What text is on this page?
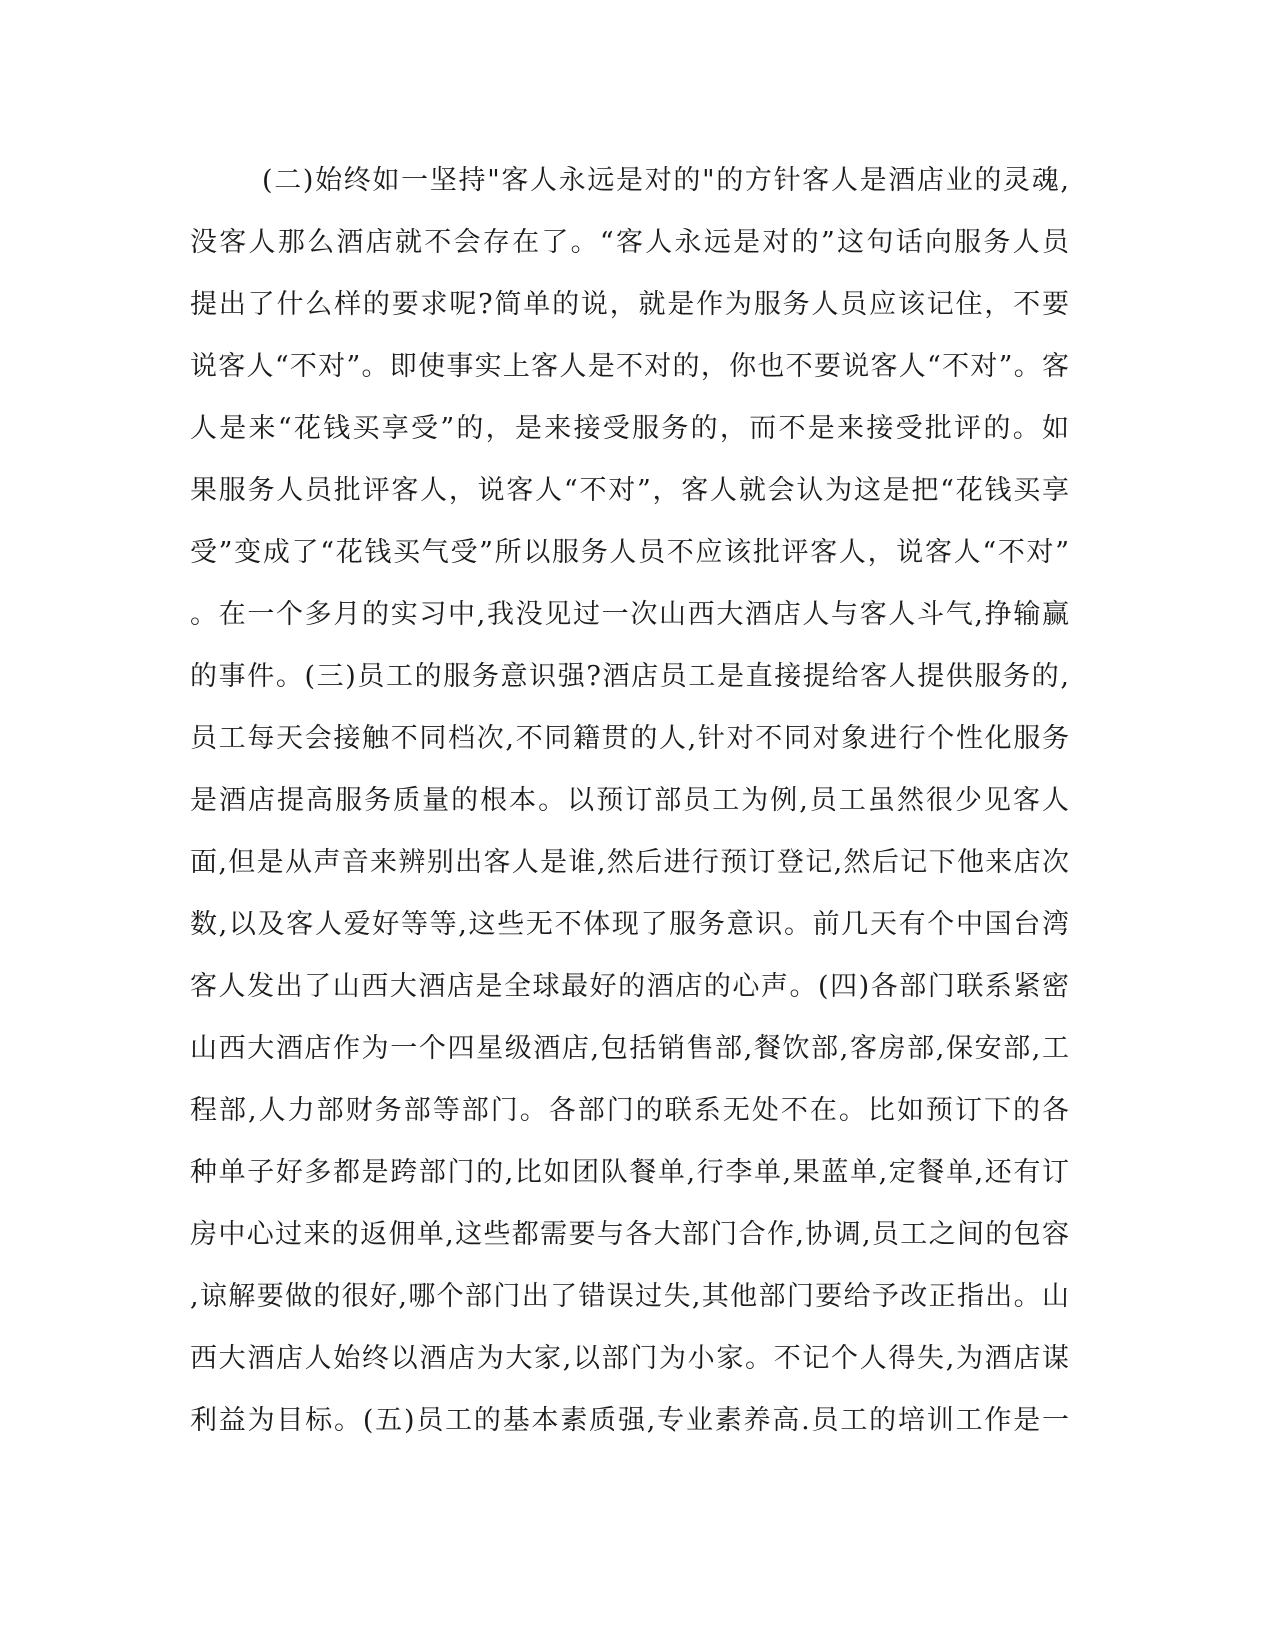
(二)始终如一坚持"客人永远是对的"的方针客人是酒店业的灵魂,
没客人那么酒店就不会存在了。“客人永远是对的”这句话向服务人员
提出了什么样的要求呢?简单的说，就是作为服务人员应该记住，不要
说客人“不对”。即使事实上客人是不对的，你也不要说客人“不对”。客
人是来“花钱买享受”的，是来接受服务的，而不是来接受批评的。如
果服务人员批评客人，说客人“不对”，客人就会认为这是把“花钱买享
受”变成了“花钱买气受”所以服务人员不应该批评客人，说客人“不对”
。在一个多月的实习中,我没见过一次山西大酒店人与客人斗气,挣输赢
的事件。(三)员工的服务意识强?酒店员工是直接提给客人提供服务的,
员工每天会接触不同档次,不同籍贯的人,针对不同对象进行个性化服务
是酒店提高服务质量的根本。以预订部员工为例,员工虽然很少见客人
面,但是从声音来辨别出客人是谁,然后进行预订登记,然后记下他来店次
数,以及客人爱好等等,这些无不体现了服务意识。前几天有个中国台湾
客人发出了山西大酒店是全球最好的酒店的心声。(四)各部门联系紧密
山西大酒店作为一个四星级酒店,包括销售部,餐饮部,客房部,保安部,工
程部,人力部财务部等部门。各部门的联系无处不在。比如预订下的各
种单子好多都是跨部门的,比如团队餐单,行李单,果蓝单,定餐单,还有订
房中心过来的返佣单,这些都需要与各大部门合作,协调,员工之间的包容
,谅解要做的很好,哪个部门出了错误过失,其他部门要给予改正指出。山
西大酒店人始终以酒店为大家,以部门为小家。不记个人得失,为酒店谋
利益为目标。(五)员工的基本素质强,专业素养高.员工的培训工作是一
